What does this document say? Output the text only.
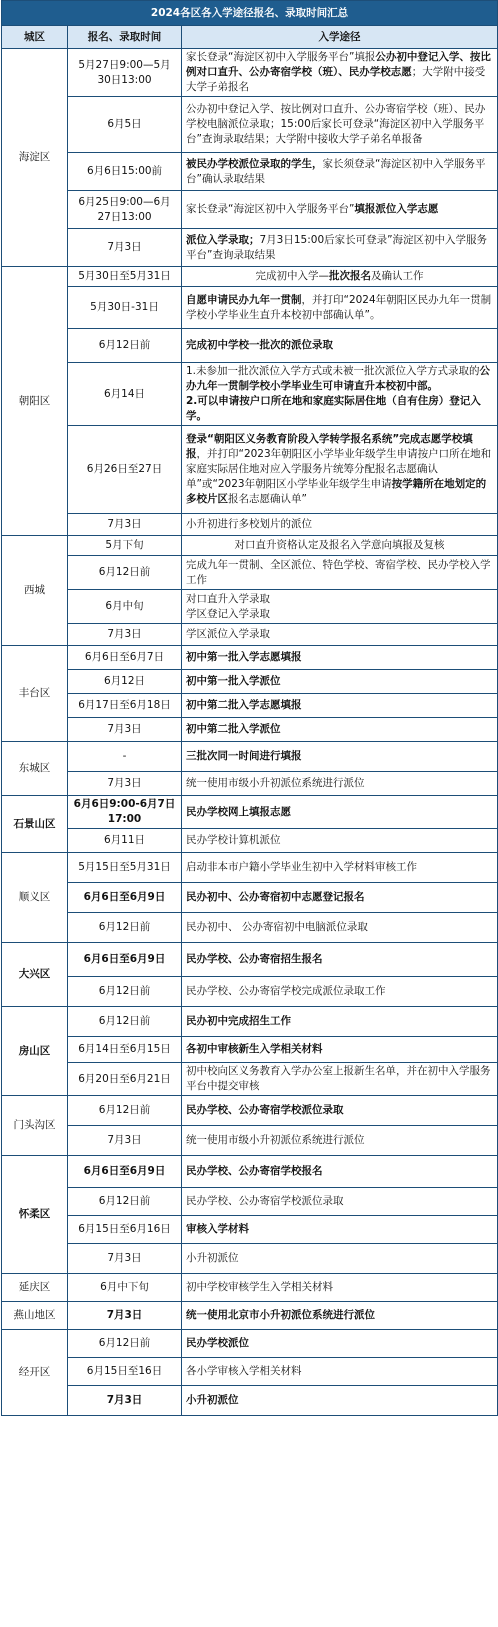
2024各区各入学途径报名、录取时间汇总		
城区	报名、录取时间	入学途径
海淀区	5月27日9:00—5月30日13:00	家长登录“海淀区初中入学服务平台”填报公办初中登记入学、按比例对口直升、公办寄宿学校（班）、民办学校志愿；大学附中接受大学子弟报名
	6月5日	公办初中登记入学、按比例对口直升、公办寄宿学校（班）、民办学校电脑派位录取；15:00后家长可登录“海淀区初中入学服务平台”查询录取结果；大学附中接收大学子弟名单报备
	6月6日15:00前	被民办学校派位录取的学生，家长须登录“海淀区初中入学服务平台”确认录取结果
	6月25日9:00—6月27日13:00	家长登录“海淀区初中入学服务平台”填报派位入学志愿
	7月3日	派位入学录取；7月3日15:00后家长可登录”海淀区初中入学服务平台”查询录取结果
朝阳区	5月30日至5月31日	完成初中入学—批次报名及确认工作
	5月30日-31日	自愿申请民办九年一贯制，并打印“2024年朝阳区民办九年一贯制学校小学毕业生直升本校初中部确认单”。
	6月12日前	完成初中学校一批次的派位录取
	6月14日	1.未参加一批次派位入学方式或未被一批次派位入学方式录取的公办九年一贯制学校小学毕业生可申请直升本校初中部。
2.可以申请按户口所在地和家庭实际居住地（自有住房）登记入学。
	6月26日至27日	登录“朝阳区义务教育阶段入学转学报名系统”完成志愿学校填报，并打印“2023年朝阳区小学毕业年级学生申请按户口所在地和家庭实际居住地对应入学服务片统筹分配报名志愿确认单”或“2023年朝阳区小学毕业年级学生申请按学籍所在地划定的多校片区报名志愿确认单”
	7月3日	小升初进行多校划片的派位
西城	5月下旬	对口直升资格认定及报名入学意向填报及复核
	6月12日前	完成九年一贯制、全区派位、特色学校、寄宿学校、民办学校入学工作
	6月中旬	对口直升入学录取
学区登记入学录取
	7月3日	学区派位入学录取
丰台区	6月6日至6月7日	初中第一批入学志愿填报
	6月12日	初中第一批入学派位
	6月17日至6月18日	初中第二批入学志愿填报
	7月3日	初中第二批入学派位
东城区	-	三批次同一时间进行填报
	7月3日	统一使用市级小升初派位系统进行派位
石景山区	6月6日9:00-6月7日17:00	民办学校网上填报志愿
	6月11日	民办学校计算机派位
顺义区	5月15日至5月31日	启动非本市户籍小学毕业生初中入学材料审核工作
	6月6日至6月9日	民办初中、公办寄宿初中志愿登记报名
	6月12日前	民办初中、 公办寄宿初中电脑派位录取
大兴区	6月6日至6月9日	民办学校、公办寄宿招生报名
	6月12日前	民办学校、公办寄宿学校完成派位录取工作
房山区	6月12日前	民办初中完成招生工作
	6月14日至6月15日	各初中审核新生入学相关材料
	6月20日至6月21日	初中校向区义务教育入学办公室上报新生名单，并在初中入学服务平台中提交审核
门头沟区	6月12日前	民办学校、公办寄宿学校派位录取
	7月3日	统一使用市级小升初派位系统进行派位
怀柔区	6月6日至6月9日	民办学校、公办寄宿学校报名
	6月12日前	民办学校、公办寄宿学校派位录取
	6月15日至6月16日	审核入学材料
	7月3日	小升初派位
延庆区	6月中下旬	初中学校审核学生入学相关材料
燕山地区	7月3日	统一使用北京市小升初派位系统进行派位
经开区	6月12日前	民办学校派位
	6月15日至16日	各小学审核入学相关材料
	7月3日	小升初派位
